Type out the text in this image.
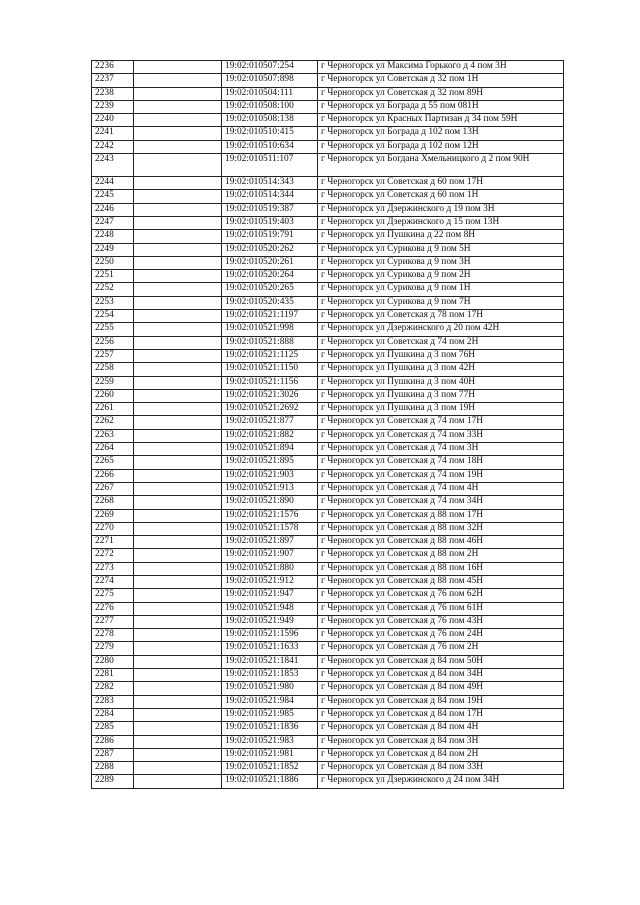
2236		19:02:010507:254	г Черногорск ул Максима Горького д 4 пом 3Н
2237		19:02:010507:898	г Черногорск ул Советская д 32 пом 1Н
2238		19:02:010504:111	г Черногорск ул Советская д 32 пом 89Н
2239		19:02:010508:100	г Черногорск ул Бограда д 55 пом 081Н
2240		19:02:010508:138	г Черногорск ул Красных Партизан д 34 пом 59Н
2241		19:02:010510:415	г Черногорск ул Бограда д 102 пом 13Н
2242		19:02:010510:634	г Черногорск ул Бограда д 102 пом 12Н
2243		19:02:010511:107	г Черногорск ул Богдана Хмельницкого д 2 пом 90Н
2244		19:02:010514:343	г Черногорск ул Советская д 60 пом 17Н
2245		19:02:010514:344	г Черногорск ул Советская д 60 пом 1Н
2246		19:02:010519:387	г Черногорск ул Дзержинского д 19 пом 3Н
2247		19:02:010519:403	г Черногорск ул Дзержинского д 15 пом 13Н
2248		19:02:010519:791	г Черногорск ул Пушкина д 22 пом 8Н
2249		19:02:010520:262	г Черногорск ул Сурикова д 9 пом 5Н
2250		19:02:010520:261	г Черногорск ул Сурикова д 9 пом 3Н
2251		19:02:010520:264	г Черногорск ул Сурикова д 9 пом 2Н
2252		19:02:010520:265	г Черногорск ул Сурикова д 9 пом 1Н
2253		19:02:010520:435	г Черногорск ул Сурикова д 9 пом 7Н
2254		19:02:010521:1197	г Черногорск ул Советская д 78 пом 17Н
2255		19:02:010521:998	г Черногорск ул Дзержинского д 20 пом 42Н
2256		19:02:010521:888	г Черногорск ул Советская д 74 пом 2Н
2257		19:02:010521:1125	г Черногорск ул Пушкина д 3 пом 76Н
2258		19:02:010521:1150	г Черногорск ул Пушкина д 3 пом 42Н
2259		19:02:010521:1156	г Черногорск ул Пушкина д 3 пом 40Н
2260		19:02:010521:3026	г Черногорск ул Пушкина д 3 пом 77Н
2261		19:02:010521:2692	г Черногорск ул Пушкина д 3 пом 19Н
2262		19:02:010521:877	г Черногорск ул Советская д 74 пом 17Н
2263		19:02:010521:882	г Черногорск ул Советская д 74 пом 33Н
2264		19:02:010521:894	г Черногорск ул Советская д 74 пом 3Н
2265		19:02:010521:895	г Черногорск ул Советская д 74 пом 18Н
2266		19:02:010521:903	г Черногорск ул Советская д 74 пом 19Н
2267		19:02:010521:913	г Черногорск ул Советская д 74 пом 4Н
2268		19:02:010521:890	г Черногорск ул Советская д 74 пом 34Н
2269		19:02:010521:1576	г Черногорск ул Советская д 88 пом 17Н
2270		19:02:010521:1578	г Черногорск ул Советская д 88 пом 32Н
2271		19:02:010521:897	г Черногорск ул Советская д 88 пом 46Н
2272		19:02:010521:907	г Черногорск ул Советская д 88 пом 2Н
2273		19:02:010521:880	г Черногорск ул Советская д 88 пом 16Н
2274		19:02:010521:912	г Черногорск ул Советская д 88 пом 45Н
2275		19:02:010521:947	г Черногорск ул Советская д 76 пом 62Н
2276		19:02:010521:948	г Черногорск ул Советская д 76 пом 61Н
2277		19:02:010521:949	г Черногорск ул Советская д 76 пом 43Н
2278		19:02:010521:1596	г Черногорск ул Советская д 76 пом 24Н
2279		19:02:010521:1633	г Черногорск ул Советская д 76 пом 2Н
2280		19:02:010521:1841	г Черногорск ул Советская д 84 пом 50Н
2281		19:02:010521:1853	г Черногорск ул Советская д 84 пом 34Н
2282		19:02:010521:980	г Черногорск ул Советская д 84 пом 49Н
2283		19:02:010521:984	г Черногорск ул Советская д 84 пом 19Н
2284		19:02:010521:985	г Черногорск ул Советская д 84 пом 17Н
2285		19:02:010521:1836	г Черногорск ул Советская д 84 пом 4Н
2286		19:02:010521:983	г Черногорск ул Советская д 84 пом 3Н
2287		19:02:010521:981	г Черногорск ул Советская д 84 пом 2Н
2288		19:02:010521:1852	г Черногорск ул Советская д 84 пом 33Н
2289		19:02:010521:1886	г Черногорск ул Дзержинского д 24 пом 34Н
